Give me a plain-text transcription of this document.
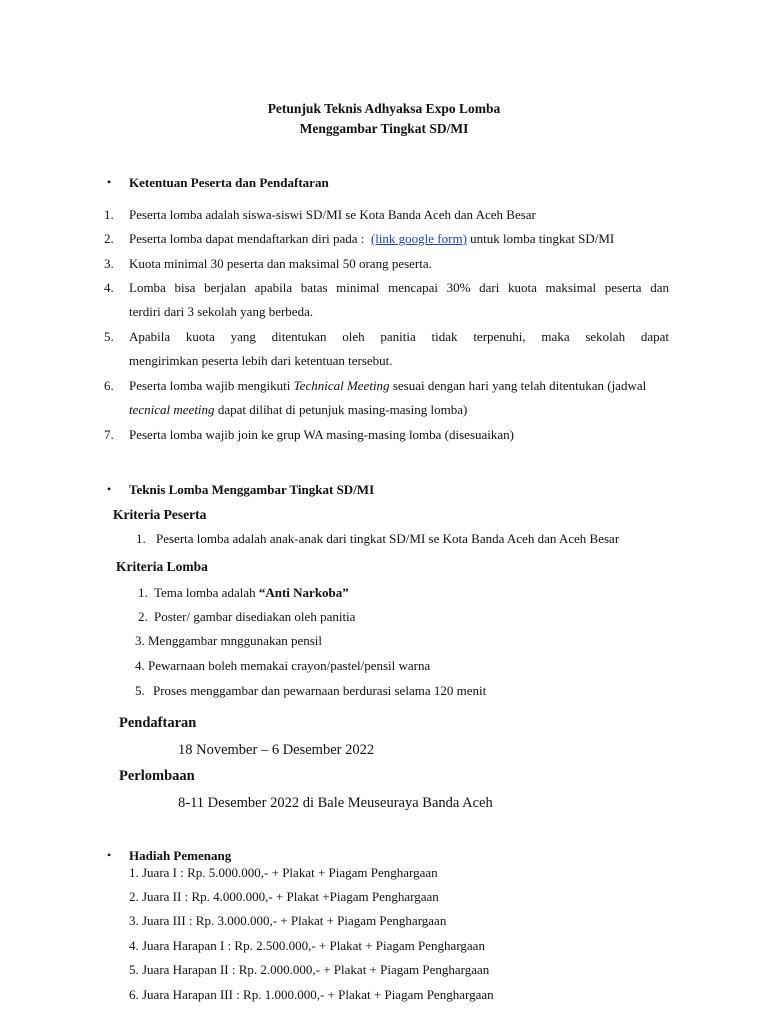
Petunjuk Teknis Adhyaksa Expo Lomba
Menggambar Tingkat SD/MI
• Ketentuan Peserta dan Pendaftaran
1. Peserta lomba adalah siswa-siswi SD/MI se Kota Banda Aceh dan Aceh Besar
2. Peserta lomba dapat mendaftarkan diri pada : (link google form) untuk lomba tingkat SD/MI
3. Kuota minimal 30 peserta dan maksimal 50 orang peserta.
4. Lomba bisa berjalan apabila batas minimal mencapai 30% dari kuota maksimal peserta dan
terdiri dari 3 sekolah yang berbeda.
5. Apabila kuota yang ditentukan oleh panitia tidak terpenuhi, maka sekolah dapat
mengirimkan peserta lebih dari ketentuan tersebut.
6. Peserta lomba wajib mengikuti Technical Meeting sesuai dengan hari yang telah ditentukan (jadwal
tecnical meeting dapat dilihat di petunjuk masing-masing lomba)
7. Peserta lomba wajib join ke grup WA masing-masing lomba (disesuaikan)
• Teknis Lomba Menggambar Tingkat SD/MI
Kriteria Peserta
1. Peserta lomba adalah anak-anak dari tingkat SD/MI se Kota Banda Aceh dan Aceh Besar
Kriteria Lomba
1. Tema lomba adalah “Anti Narkoba”
2. Poster/ gambar disediakan oleh panitia
3. Menggambar mnggunakan pensil
4. Pewarnaan boleh memakai crayon/pastel/pensil warna
5. Proses menggambar dan pewarnaan berdurasi selama 120 menit
Pendaftaran
18 November – 6 Desember 2022
Perlombaan
8-11 Desember 2022 di Bale Meuseuraya Banda Aceh
• Hadiah Pemenang
1. Juara I : Rp. 5.000.000,- + Plakat + Piagam Penghargaan
2. Juara II : Rp. 4.000.000,- + Plakat +Piagam Penghargaan
3. Juara III : Rp. 3.000.000,- + Plakat + Piagam Penghargaan
4. Juara Harapan I : Rp. 2.500.000,- + Plakat + Piagam Penghargaan
5. Juara Harapan II : Rp. 2.000.000,- + Plakat + Piagam Penghargaan
6. Juara Harapan III : Rp. 1.000.000,- + Plakat + Piagam Penghargaan
